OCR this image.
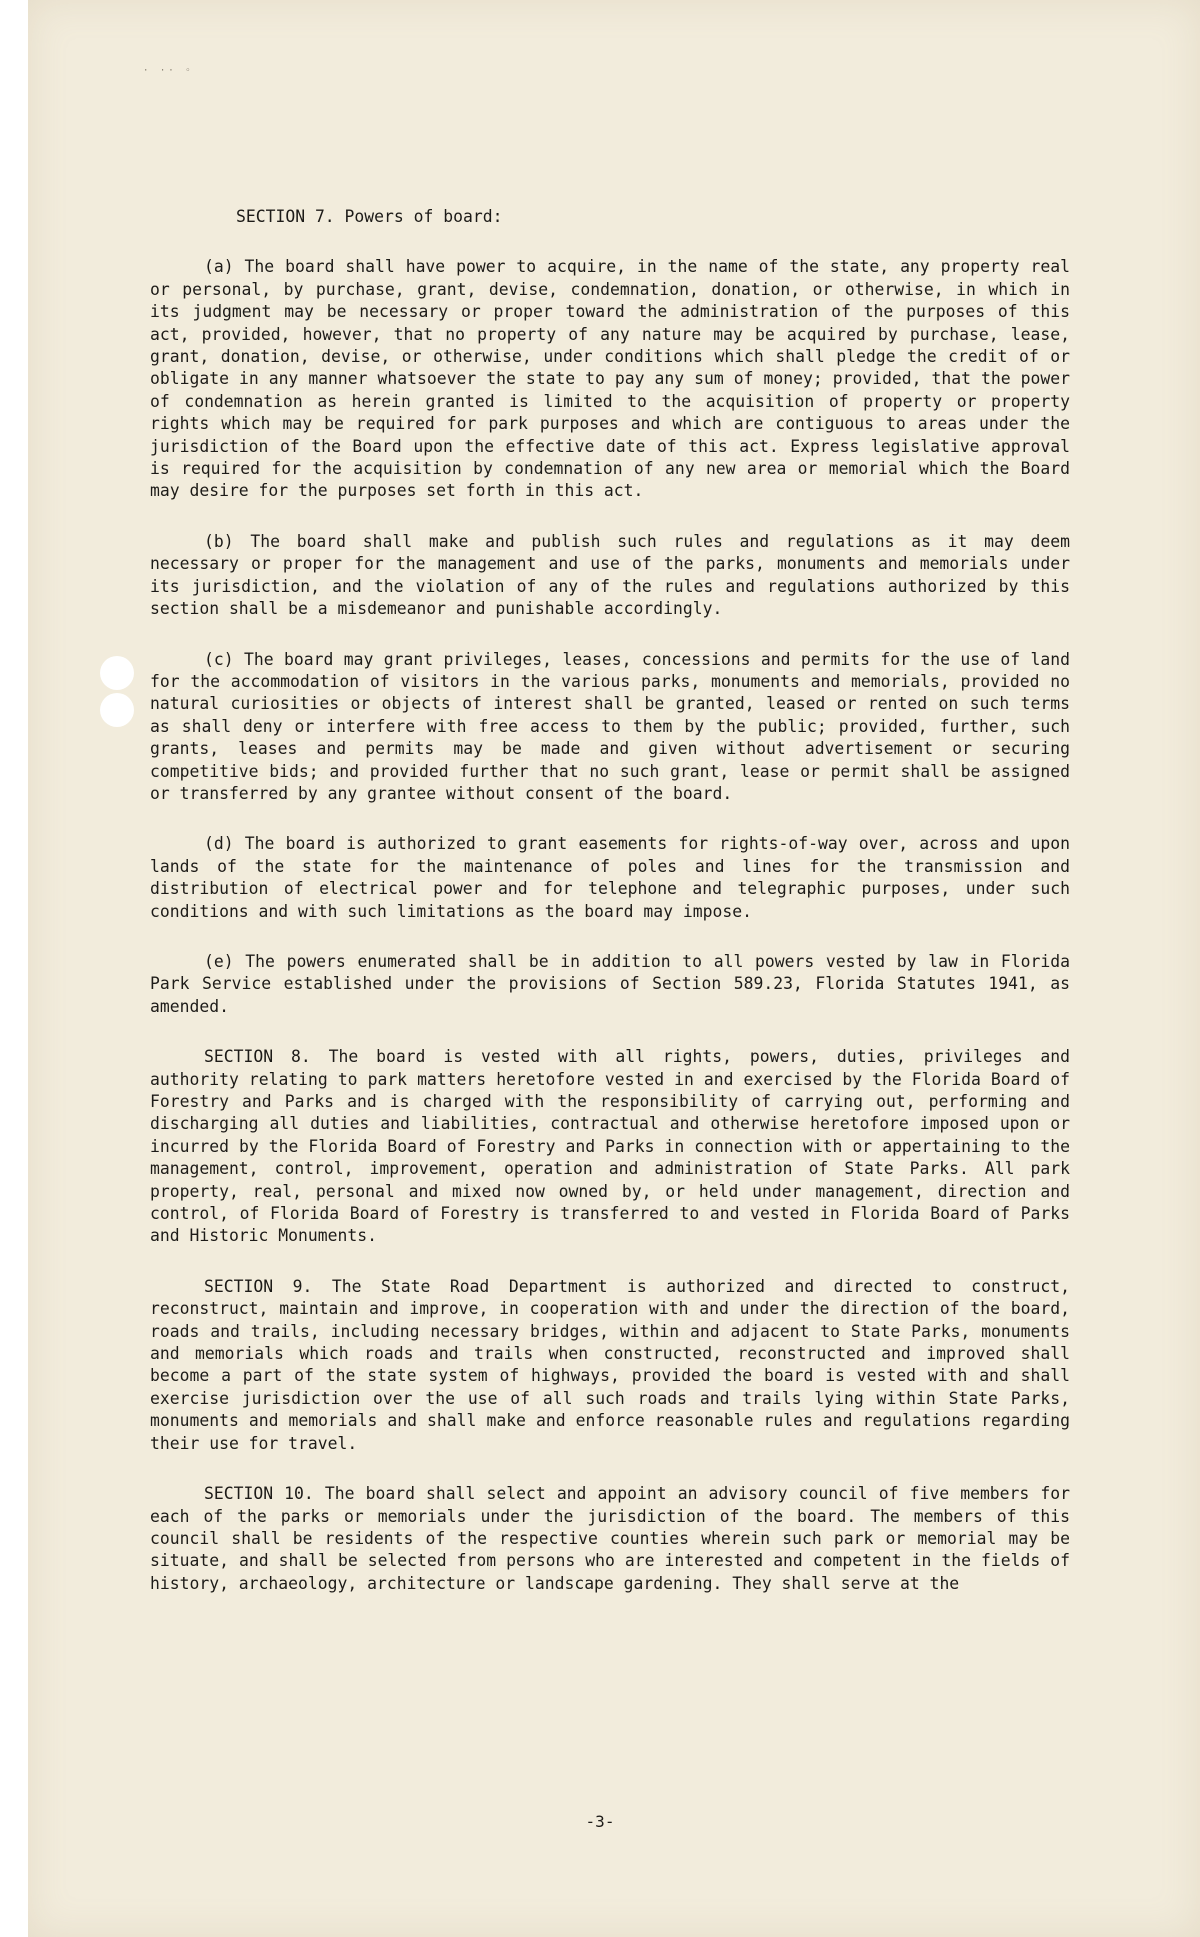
· ·· ◦

SECTION 7. Powers of board:

(a) The board shall have power to acquire, in the name of the state, any property real or personal, by purchase, grant, devise, condemnation, donation, or otherwise, in which in its judgment may be necessary or proper toward the administration of the purposes of this act, provided, however, that no property of any nature may be acquired by purchase, lease, grant, donation, devise, or otherwise, under conditions which shall pledge the credit of or obligate in any manner whatsoever the state to pay any sum of money; provided, that the power of condemnation as herein granted is limited to the acquisition of property or property rights which may be required for park purposes and which are contiguous to areas under the jurisdiction of the Board upon the effective date of this act. Express legislative approval is required for the acquisition by condemnation of any new area or memorial which the Board may desire for the purposes set forth in this act.

(b) The board shall make and publish such rules and regulations as it may deem necessary or proper for the management and use of the parks, monuments and memorials under its jurisdiction, and the violation of any of the rules and regulations authorized by this section shall be a misdemeanor and punishable accordingly.

(c) The board may grant privileges, leases, concessions and permits for the use of land for the accommodation of visitors in the various parks, monuments and memorials, provided no natural curiosities or objects of interest shall be granted, leased or rented on such terms as shall deny or interfere with free access to them by the public; provided, further, such grants, leases and permits may be made and given without advertisement or securing competitive bids; and provided further that no such grant, lease or permit shall be assigned or transferred by any grantee without consent of the board.

(d) The board is authorized to grant easements for rights-of-way over, across and upon lands of the state for the maintenance of poles and lines for the transmission and distribution of electrical power and for telephone and telegraphic purposes, under such conditions and with such limitations as the board may impose.

(e) The powers enumerated shall be in addition to all powers vested by law in Florida Park Service established under the provisions of Section 589.23, Florida Statutes 1941, as amended.

SECTION 8. The board is vested with all rights, powers, duties, privileges and authority relating to park matters heretofore vested in and exercised by the Florida Board of Forestry and Parks and is charged with the responsibility of carrying out, performing and discharging all duties and liabilities, contractual and otherwise heretofore imposed upon or incurred by the Florida Board of Forestry and Parks in connection with or appertaining to the management, control, improvement, operation and administration of State Parks. All park property, real, personal and mixed now owned by, or held under management, direction and control, of Florida Board of Forestry is transferred to and vested in Florida Board of Parks and Historic Monuments.

SECTION 9. The State Road Department is authorized and directed to construct, reconstruct, maintain and improve, in cooperation with and under the direction of the board, roads and trails, including necessary bridges, within and adjacent to State Parks, monuments and memorials which roads and trails when constructed, reconstructed and improved shall become a part of the state system of highways, provided the board is vested with and shall exercise jurisdiction over the use of all such roads and trails lying within State Parks, monuments and memorials and shall make and enforce reasonable rules and regulations regarding their use for travel.

SECTION 10. The board shall select and appoint an advisory council of five members for each of the parks or memorials under the jurisdiction of the board. The members of this council shall be residents of the respective counties wherein such park or memorial may be situate, and shall be selected from persons who are interested and competent in the fields of history, archaeology, architecture or landscape gardening. They shall serve at the

-3-
